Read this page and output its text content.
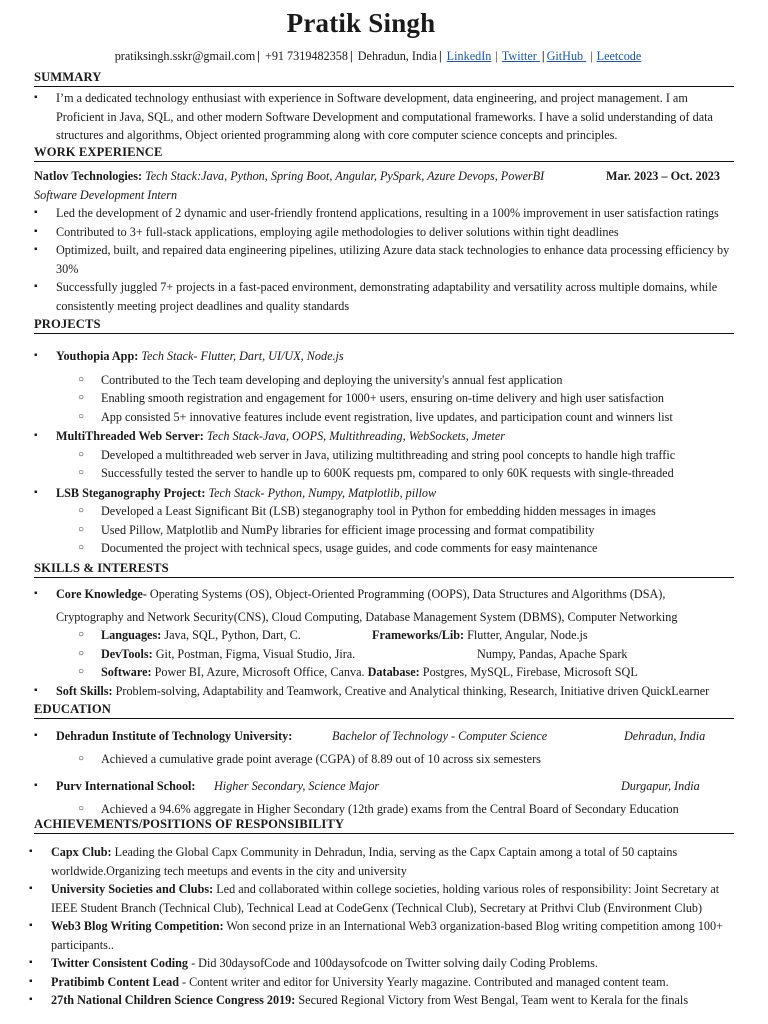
Pratik Singh
pratiksingh.sskr@gmail.com | +91 7319482358 | Dehradun, India | LinkedIn | Twitter | GitHub | Leetcode
SUMMARY
▪ I’m a dedicated technology enthusiast with experience in Software development, data engineering, and project management. I am Proficient in Java, SQL, and other modern Software Development and computational frameworks. I have a solid understanding of data structures and algorithms, Object oriented programming along with core computer science concepts and principles.
WORK EXPERIENCE
Natlov Technologies: Tech Stack:Java, Python, Spring Boot, Angular, PySpark, Azure Devops, PowerBI	Mar. 2023 – Oct. 2023
Software Development Intern
▪ Led the development of 2 dynamic and user-friendly frontend applications, resulting in a 100% improvement in user satisfaction ratings
▪ Contributed to 3+ full-stack applications, employing agile methodologies to deliver solutions within tight deadlines
▪ Optimized, built, and repaired data engineering pipelines, utilizing Azure data stack technologies to enhance data processing efficiency by 30%
▪ Successfully juggled 7+ projects in a fast-paced environment, demonstrating adaptability and versatility across multiple domains, while consistently meeting project deadlines and quality standards
PROJECTS
▪ Youthopia App: Tech Stack- Flutter, Dart, UI/UX, Node.js
○ Contributed to the Tech team developing and deploying the university's annual fest application
○ Enabling smooth registration and engagement for 1000+ users, ensuring on-time delivery and high user satisfaction
○ App consisted 5+ innovative features include event registration, live updates, and participation count and winners list
▪ MultiThreaded Web Server: Tech Stack-Java, OOPS, Multithreading, WebSockets, Jmeter
○ Developed a multithreaded web server in Java, utilizing multithreading and string pool concepts to handle high traffic
○ Successfully tested the server to handle up to 600K requests pm, compared to only 60K requests with single-threaded
▪ LSB Steganography Project: Tech Stack- Python, Numpy, Matplotlib, pillow
○ Developed a Least Significant Bit (LSB) steganography tool in Python for embedding hidden messages in images
○ Used Pillow, Matplotlib and NumPy libraries for efficient image processing and format compatibility
○ Documented the project with technical specs, usage guides, and code comments for easy maintenance
SKILLS & INTERESTS
▪ Core Knowledge- Operating Systems (OS), Object-Oriented Programming (OOPS), Data Structures and Algorithms (DSA),
Cryptography and Network Security(CNS), Cloud Computing, Database Management System (DBMS), Computer Networking
○ Languages: Java, SQL, Python, Dart, C.	Frameworks/Lib: Flutter, Angular, Node.js
○ DevTools: Git, Postman, Figma, Visual Studio, Jira.	Numpy, Pandas, Apache Spark
○ Software: Power BI, Azure, Microsoft Office, Canva. Database: Postgres, MySQL, Firebase, Microsoft SQL
▪ Soft Skills: Problem-solving, Adaptability and Teamwork, Creative and Analytical thinking, Research, Initiative driven QuickLearner
EDUCATION
▪ Dehradun Institute of Technology University:	Bachelor of Technology - Computer Science	Dehradun, India
○ Achieved a cumulative grade point average (CGPA) of 8.89 out of 10 across six semesters
▪ Purv International School: Higher Secondary, Science Major	Durgapur, India
○ Achieved a 94.6% aggregate in Higher Secondary (12th grade) exams from the Central Board of Secondary Education
ACHIEVEMENTS/POSITIONS OF RESPONSIBILITY
▪ Capx Club: Leading the Global Capx Community in Dehradun, India, serving as the Capx Captain among a total of 50 captains worldwide.Organizing tech meetups and events in the city and university
▪ University Societies and Clubs: Led and collaborated within college societies, holding various roles of responsibility: Joint Secretary at IEEE Student Branch (Technical Club), Technical Lead at CodeGenx (Technical Club), Secretary at Prithvi Club (Environment Club)
▪ Web3 Blog Writing Competition: Won second prize in an International Web3 organization-based Blog writing competition among 100+ participants..
▪ Twitter Consistent Coding - Did 30daysofCode and 100daysofcode on Twitter solving daily Coding Problems.
▪ Pratibimb Content Lead - Content writer and editor for University Yearly magazine. Contributed and managed content team.
▪ 27th National Children Science Congress 2019: Secured Regional Victory from West Bengal, Team went to Kerala for the finals
